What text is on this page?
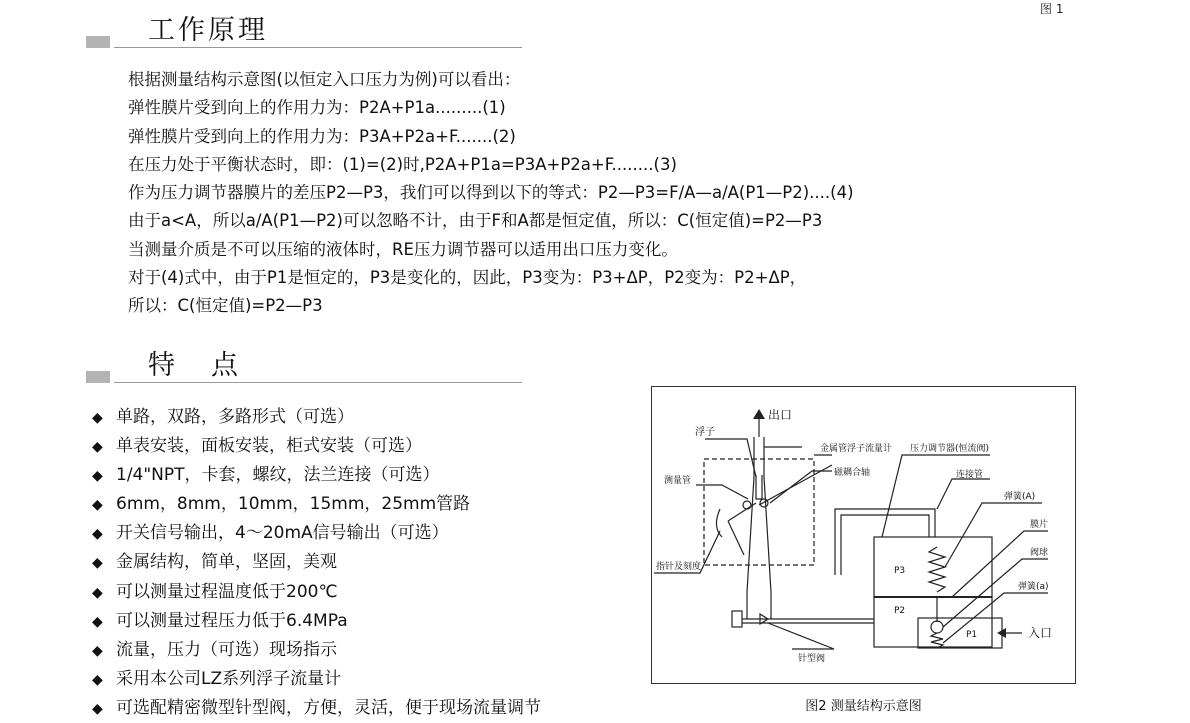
图 1
工作原理
根据测量结构示意图(以恒定入口压力为例)可以看出：
弹性膜片受到向上的作用力为：P2A+P1a.........(1)
弹性膜片受到向上的作用力为：P3A+P2a+F.......(2)
在压力处于平衡状态时，即：(1)=(2)时,P2A+P1a=P3A+P2a+F........(3)
作为压力调节器膜片的差压P2—P3，我们可以得到以下的等式：P2—P3=F/A—a/A(P1—P2)....(4)
由于a<A，所以a/A(P1—P2)可以忽略不计，由于F和A都是恒定值，所以：C(恒定值)=P2—P3
当测量介质是不可以压缩的液体时，RE压力调节器可以适用出口压力变化。
对于(4)式中，由于P1是恒定的，P3是变化的，因此，P3变为：P3+ΔP，P2变为：P2+ΔP，
所以：C(恒定值)=P2—P3
特点
◆ 单路，双路，多路形式（可选）
◆ 单表安装，面板安装，柜式安装（可选）
◆ 1/4"NPT，卡套，螺纹，法兰连接（可选）
◆ 6mm，8mm，10mm，15mm，25mm管路
◆ 开关信号输出，4～20mA信号输出（可选）
◆ 金属结构，简单，坚固，美观
◆ 可以测量过程温度低于200℃
◆ 可以测量过程压力低于6.4MPa
◆ 流量，压力（可选）现场指示
◆ 采用本公司LZ系列浮子流量计
◆ 可选配精密微型针型阀，方便，灵活，便于现场流量调节
出口
入口
浮子
金属管浮子流量计 压力调节器(恒流阀)
测量管
磁耦合轴	连接管
弹簧(A)
膜片
阀球
弹簧(a)
指针及刻度
针型阀
P3
P2
P1
图2 测量结构示意图
